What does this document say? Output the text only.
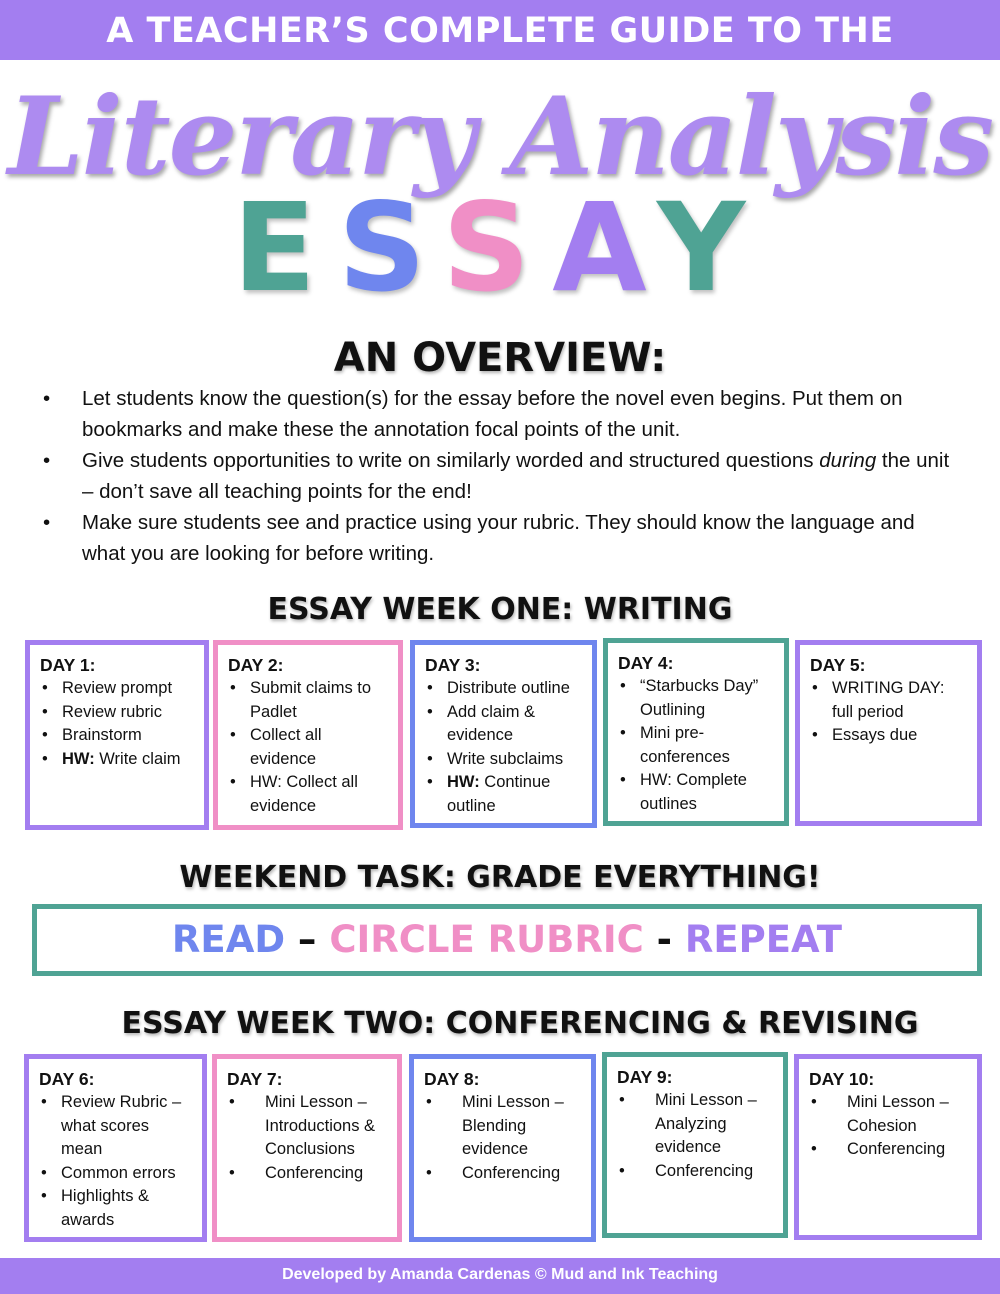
A TEACHER’S COMPLETE GUIDE TO THE
Literary Analysis
ESSAY
AN OVERVIEW:
• Let students know the question(s) for the essay before the novel even begins. Put them on bookmarks and make these the annotation focal points of the unit.
• Give students opportunities to write on similarly worded and structured questions during the unit – don’t save all teaching points for the end!
• Make sure students see and practice using your rubric. They should know the language and what you are looking for before writing.
ESSAY WEEK ONE: WRITING
DAY 1:
• Review prompt
• Review rubric
• Brainstorm
• HW: Write claim
DAY 2:
• Submit claims to Padlet
• Collect all evidence
• HW: Collect all evidence
DAY 3:
• Distribute outline
• Add claim & evidence
• Write subclaims
• HW: Continue outline
DAY 4:
• “Starbucks Day” Outlining
• Mini pre-conferences
• HW: Complete outlines
DAY 5:
• WRITING DAY: full period
• Essays due
WEEKEND TASK: GRADE EVERYTHING!
READ – CIRCLE RUBRIC - REPEAT
ESSAY WEEK TWO: CONFERENCING & REVISING
DAY 6:
• Review Rubric – what scores mean
• Common errors
• Highlights & awards
DAY 7:
• Mini Lesson – Introductions & Conclusions
• Conferencing
DAY 8:
• Mini Lesson – Blending evidence
• Conferencing
DAY 9:
• Mini Lesson – Analyzing evidence
• Conferencing
DAY 10:
• Mini Lesson – Cohesion
• Conferencing
Developed by Amanda Cardenas © Mud and Ink Teaching
